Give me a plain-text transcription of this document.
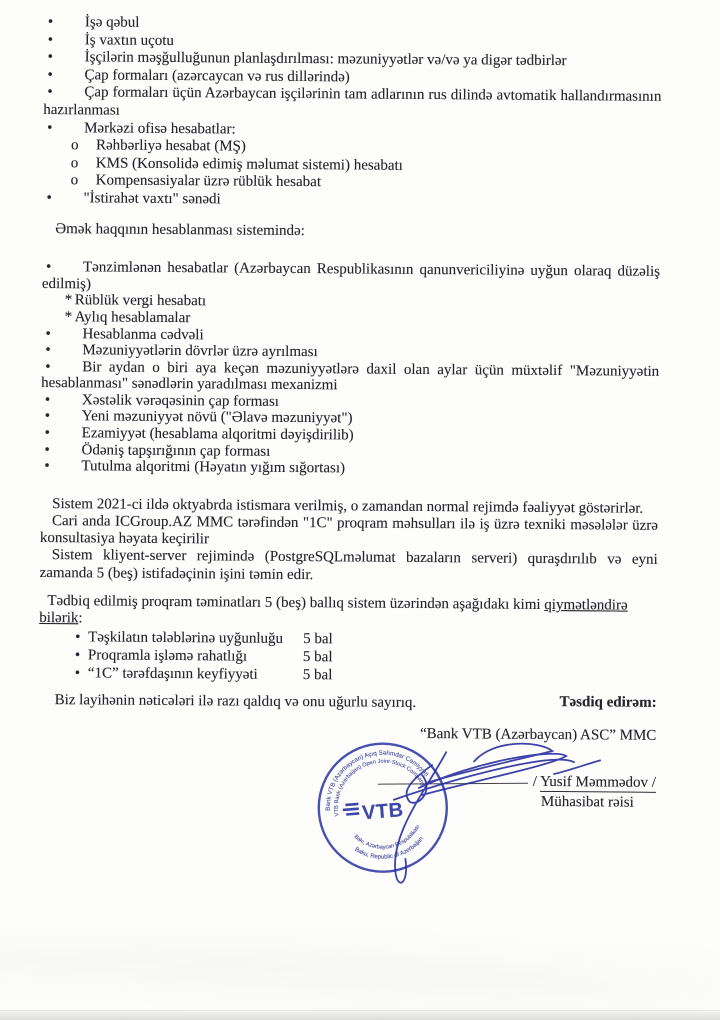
• İşə qəbul
• İş vaxtın uçotu
• İşçilərin məşğulluğunun planlaşdırılması: məzuniyyətlər və/və ya digər tədbirlər
• Çap formaları (azərcaycan və rus dillərində)
• Çap formaları üçün Azərbaycan işçilərinin tam adlarının rus dilində avtomatik hallandırmasının hazırlanması
• Mərkəzi ofisə hesabatlar:
o Rəhbərliyə hesabat (MŞ)
o KMS (Konsolidə edimiş məlumat sistemi) hesabatı
o Kompensasiyalar üzrə rüblük hesabat
• "İstirahət vaxtı" sənədi
Əmək haqqının hesablanması sistemində:
• Tənzimlənən hesabatlar (Azərbaycan Respublikasının qanunvericiliyinə uyğun olaraq düzəliş edilmiş)
* Rüblük vergi hesabatı
* Aylıq hesablamalar
• Hesablanma cədvəli
• Məzuniyyətlərin dövrlər üzrə ayrılması
• Bir aydan o biri aya keçən məzuniyyətlərə daxil olan aylar üçün müxtəlif "Məzuniyyətin hesablanması" sənədlərin yaradılması mexanizmi
• Xəstəlik vərəqəsinin çap forması
• Yeni məzuniyyət növü ("Əlavə məzuniyyət")
• Ezamiyyət (hesablama alqoritmi dəyişdirilib)
• Ödəniş tapşırığının çap forması
• Tutulma alqoritmi (Həyatın yığım sığortası)
Sistem 2021-ci ildə oktyabrda istismara verilmiş, o zamandan normal rejimdə fəaliyyət göstərirlər.
Cari anda ICGroup.AZ MMC tərəfindən "1C" proqram məhsulları ilə iş üzrə texniki məsələlər üzrə konsultasiya həyata keçirilir
Sistem kliyent-server rejimində (PostgreSQLməlumat bazaların serveri) quraşdırılıb və eyni zamanda 5 (beş) istifadəçinin işini təmin edir.
Tədbiq edilmiş proqram təminatları 5 (beş) ballıq sistem üzərindən aşağıdakı kimi qiymətləndirə bilərik:
• Təşkilatın tələblərinə uyğunluğu 5 bal
• Proqramla işləmə rahatlığı	5 bal
• “1C” tərəfdaşının keyfiyyəti	5 bal
Biz layihənin nəticələri ilə razı qaldıq və onu uğurlu sayırıq.	Təsdiq edirəm:
“Bank VTB (Azərbaycan) ASC” MMC
Bank VTB (Azərbaycan) Açıq Səhmdar Cəmiyyəti
VTB Bank (Azerbaijan) Open Joint-Stock Company
Baku, Republic of Azerbaijan
Bakı, Azərbaycan Respublikası
VTB
/ Yusif Məmmədov /
Mühasibat rəisi
